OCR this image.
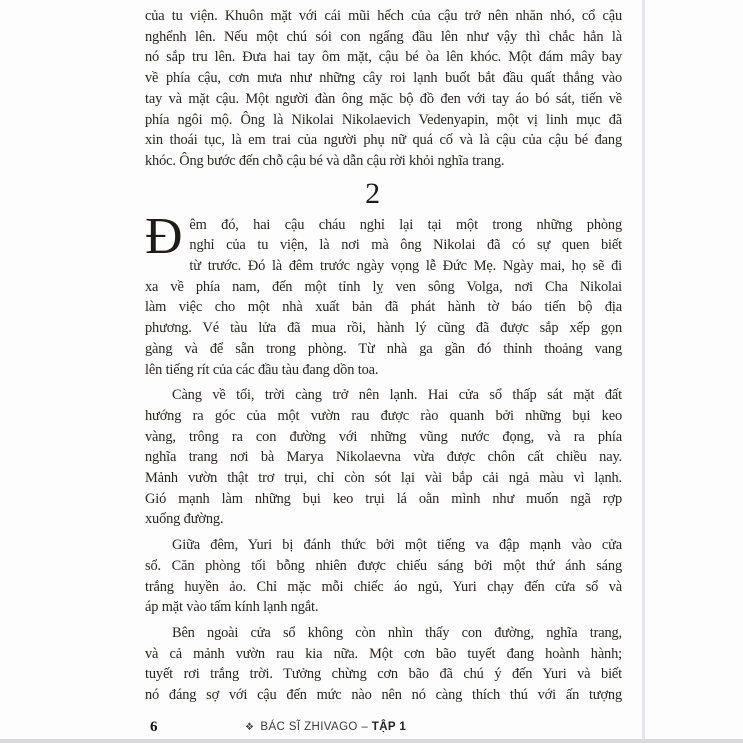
của tu viện. Khuôn mặt với cái mũi hếch của cậu trở nên nhăn nhó, cổ cậu
nghểnh lên. Nếu một chú sói con ngẩng đầu lên như vậy thì chắc hẳn là
nó sắp tru lên. Đưa hai tay ôm mặt, cậu bé òa lên khóc. Một đám mây bay
về phía cậu, cơn mưa như những cây roi lạnh buốt bắt đầu quất thẳng vào
tay và mặt cậu. Một người đàn ông mặc bộ đồ đen với tay áo bó sát, tiến về
phía ngôi mộ. Ông là Nikolai Nikolaevich Vedenyapin, một vị linh mục đã
xin thoái tục, là em trai của người phụ nữ quá cố và là cậu của cậu bé đang
khóc. Ông bước đến chỗ cậu bé và dẫn cậu rời khỏi nghĩa trang.
2
Đ êm đó, hai cậu cháu nghỉ lại tại một trong những phòng
nghỉ của tu viện, là nơi mà ông Nikolai đã có sự quen biết
từ trước. Đó là đêm trước ngày vọng lễ Đức Mẹ. Ngày mai, họ sẽ đi
xa về phía nam, đến một tỉnh lỵ ven sông Volga, nơi Cha Nikolai
làm việc cho một nhà xuất bản đã phát hành tờ báo tiến bộ địa
phương. Vé tàu lửa đã mua rồi, hành lý cũng đã được sắp xếp gọn
gàng và để sẵn trong phòng. Từ nhà ga gần đó thỉnh thoảng vang
lên tiếng rít của các đầu tàu đang dồn toa.
Càng về tối, trời càng trở nên lạnh. Hai cửa sổ thấp sát mặt đất
hướng ra góc của một vườn rau được rào quanh bởi những bụi keo
vàng, trông ra con đường với những vũng nước đọng, và ra phía
nghĩa trang nơi bà Marya Nikolaevna vừa được chôn cất chiều nay.
Mảnh vườn thật trơ trụi, chỉ còn sót lại vài bắp cải ngả màu vì lạnh.
Gió mạnh làm những bụi keo trụi lá oằn mình như muốn ngã rợp
xuống đường.
Giữa đêm, Yuri bị đánh thức bởi một tiếng va đập mạnh vào cửa
sổ. Căn phòng tối bỗng nhiên được chiếu sáng bởi một thứ ánh sáng
trắng huyền ảo. Chỉ mặc mỗi chiếc áo ngủ, Yuri chạy đến cửa sổ và
áp mặt vào tấm kính lạnh ngắt.
Bên ngoài cửa sổ không còn nhìn thấy con đường, nghĩa trang,
và cả mảnh vườn rau kia nữa. Một cơn bão tuyết đang hoành hành;
tuyết rơi trắng trời. Tưởng chừng cơn bão đã chú ý đến Yuri và biết
nó đáng sợ với cậu đến mức nào nên nó càng thích thú với ấn tượng
6	❖ BÁC SĨ ZHIVAGO – TẬP 1
